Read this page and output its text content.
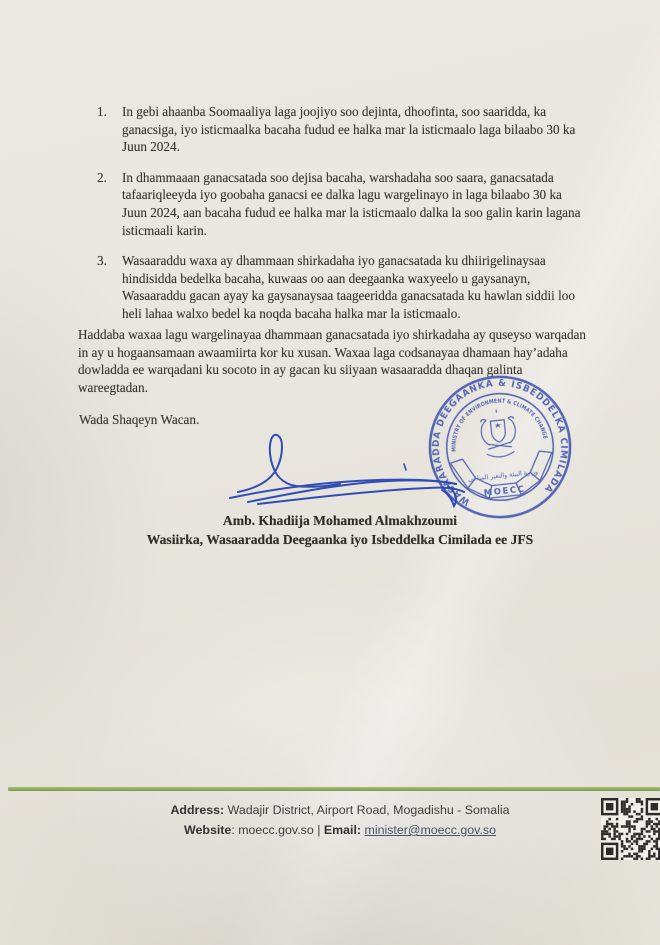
1.	In gebi ahaanba Soomaaliya laga joojiyo soo dejinta, dhoofinta, soo saaridda, ka ganacsiga, iyo isticmaalka bacaha fudud ee halka mar la isticmaalo laga bilaabo 30 ka Juun 2024.
2.	In dhammaaan ganacsatada soo dejisa bacaha, warshadaha soo saara, ganacsatada tafaariqleeyda iyo goobaha ganacsi ee dalka lagu wargelinayo in laga bilaabo 30 ka Juun 2024, aan bacaha fudud ee halka mar la isticmaalo dalka la soo galin karin lagana isticmaali karin.
3.	Wasaaraddu waxa ay dhammaan shirkadaha iyo ganacsatada ku dhiirigelinaysaa hindisidda bedelka bacaha, kuwaas oo aan deegaanka waxyeelo u gaysanayn, Wasaaraddu gacan ayay ka gaysanaysaa taageeridda ganacsatada ku hawlan siddii loo heli lahaa walxo bedel ka noqda bacaha halka mar la isticmaalo.

Haddaba waxaa lagu wargelinayaa dhammaan ganacsatada iyo shirkadaha ay quseyso warqadan in ay u hogaansamaan awaamiirta kor ku xusan. Waxaa laga codsanayaa dhamaan hay’adaha dowladda ee warqadani ku socoto in ay gacan ku siiyaan wasaaradda dhaqan galinta wareegtadan.

Wada Shaqeyn Wacan.

WASAARADDA DEEGAANKA & ISBEDDELKA CIMILADA
MINISTRY OF ENVIRONMENT & CLIMATE CHANGE
وزارة البيئة والتغير المناخي
MOECC
Amb. Khadiija Mohamed Almakhzoumi
Wasiirka, Wasaaradda Deegaanka iyo Isbeddelka Cimilada ee JFS
Address: Wadajir District, Airport Road, Mogadishu - Somalia
Website: moecc.gov.so | Email: minister@moecc.gov.so
